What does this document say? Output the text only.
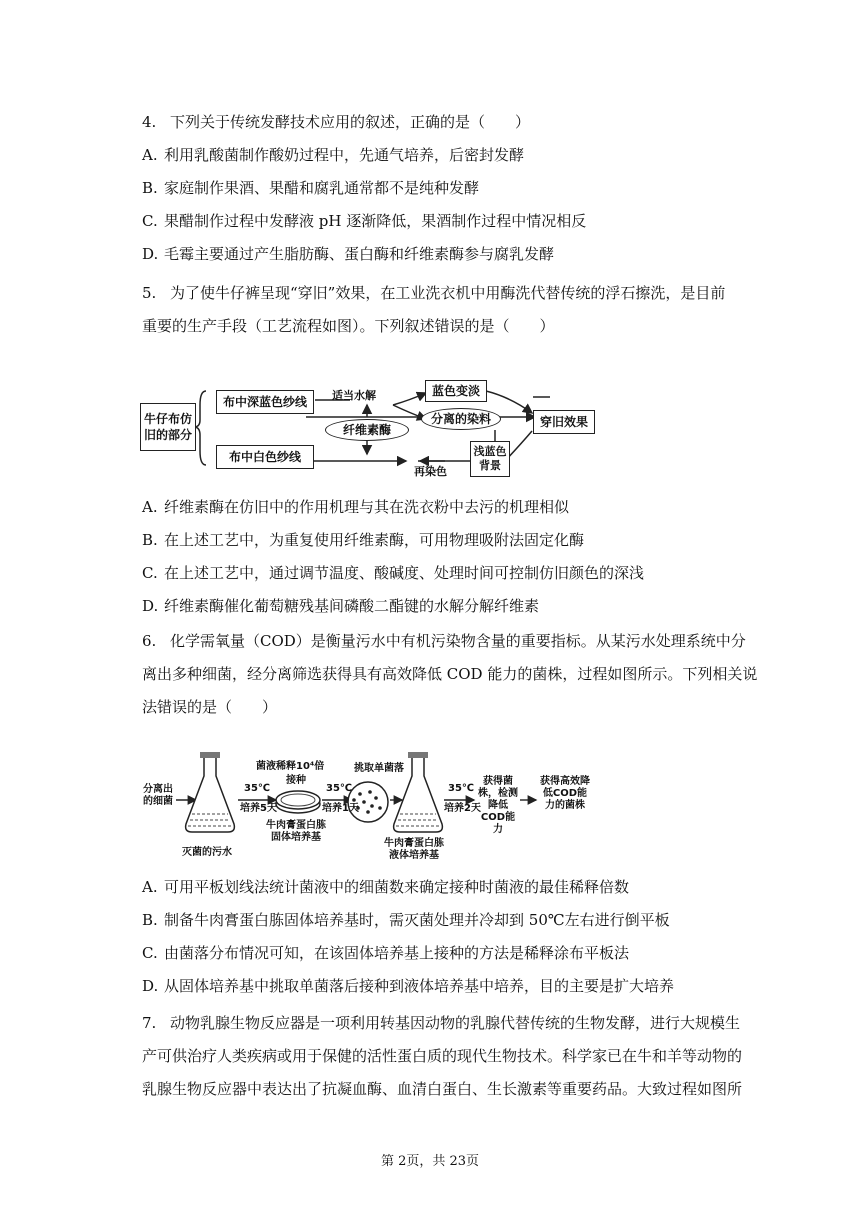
4. 下列关于传统发酵技术应用的叙述，正确的是（　　）
A. 利用乳酸菌制作酸奶过程中，先通气培养，后密封发酵
B. 家庭制作果酒、果醋和腐乳通常都不是纯种发酵
C. 果醋制作过程中发酵液 pH 逐渐降低，果酒制作过程中情况相反
D. 毛霉主要通过产生脂肪酶、蛋白酶和纤维素酶参与腐乳发酵
5. 为了使牛仔裤呈现“穿旧”效果，在工业洗衣机中用酶洗代替传统的浮石擦洗，是目前
重要的生产手段（工艺流程如图）。下列叙述错误的是（　　）
牛仔布仿旧的部分
布中深蓝色纱线
布中白色纱线
适当水解
纤维素酶
蓝色变淡
分离的染料
再染色
浅蓝色背景
穿旧效果
A. 纤维素酶在仿旧中的作用机理与其在洗衣粉中去污的机理相似
B. 在上述工艺中，为重复使用纤维素酶，可用物理吸附法固定化酶
C. 在上述工艺中，通过调节温度、酸碱度、处理时间可控制仿旧颜色的深浅
D. 纤维素酶催化葡萄糖残基间磷酸二酯键的水解分解纤维素
6. 化学需氧量（COD）是衡量污水中有机污染物含量的重要指标。从某污水处理系统中分
离出多种细菌，经分离筛选获得具有高效降低 COD 能力的菌株，过程如图所示。下列相关说
法错误的是（　　）
分离出的细菌
35℃
培养5天
灭菌的污水
菌液稀释10⁴倍
接种
35℃
培养1天
牛肉膏蛋白胨固体培养基
挑取单菌落
35℃
培养2天
牛肉膏蛋白胨液体培养基
获得菌株，检测降低COD能力
获得高效降低COD能力的菌株
A. 可用平板划线法统计菌液中的细菌数来确定接种时菌液的最佳稀释倍数
B. 制备牛肉膏蛋白胨固体培养基时，需灭菌处理并冷却到 50℃左右进行倒平板
C. 由菌落分布情况可知，在该固体培养基上接种的方法是稀释涂布平板法
D. 从固体培养基中挑取单菌落后接种到液体培养基中培养，目的主要是扩大培养
7. 动物乳腺生物反应器是一项利用转基因动物的乳腺代替传统的生物发酵，进行大规模生
产可供治疗人类疾病或用于保健的活性蛋白质的现代生物技术。科学家已在牛和羊等动物的
乳腺生物反应器中表达出了抗凝血酶、血清白蛋白、生长激素等重要药品。大致过程如图所
第 2页，共 23页
